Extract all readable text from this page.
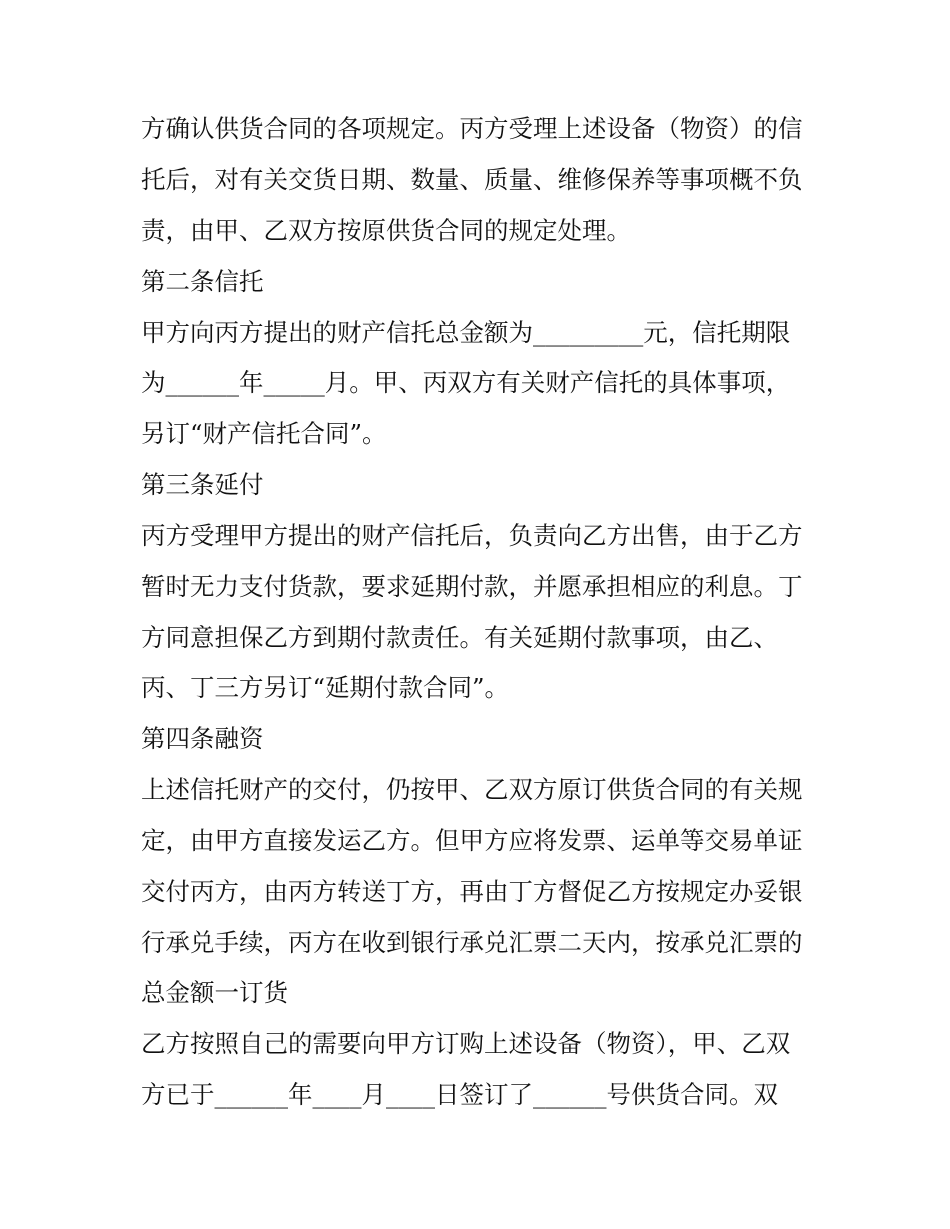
方确认供货合同的各项规定。丙方受理上述设备（物资）的信
托后，对有关交货日期、数量、质量、维修保养等事项概不负
责，由甲、乙双方按原供货合同的规定处理。
第二条信托
甲方向丙方提出的财产信托总金额为_________元，信托期限
为______年_____月。甲、丙双方有关财产信托的具体事项，
另订“财产信托合同”。
第三条延付
丙方受理甲方提出的财产信托后，负责向乙方出售，由于乙方
暂时无力支付货款，要求延期付款，并愿承担相应的利息。丁
方同意担保乙方到期付款责任。有关延期付款事项，由乙、
丙、丁三方另订“延期付款合同”。
第四条融资
上述信托财产的交付，仍按甲、乙双方原订供货合同的有关规
定，由甲方直接发运乙方。但甲方应将发票、运单等交易单证
交付丙方，由丙方转送丁方，再由丁方督促乙方按规定办妥银
行承兑手续，丙方在收到银行承兑汇票二天内，按承兑汇票的
总金额一订货
乙方按照自己的需要向甲方订购上述设备（物资），甲、乙双
方已于______年____月____日签订了______号供货合同。双
